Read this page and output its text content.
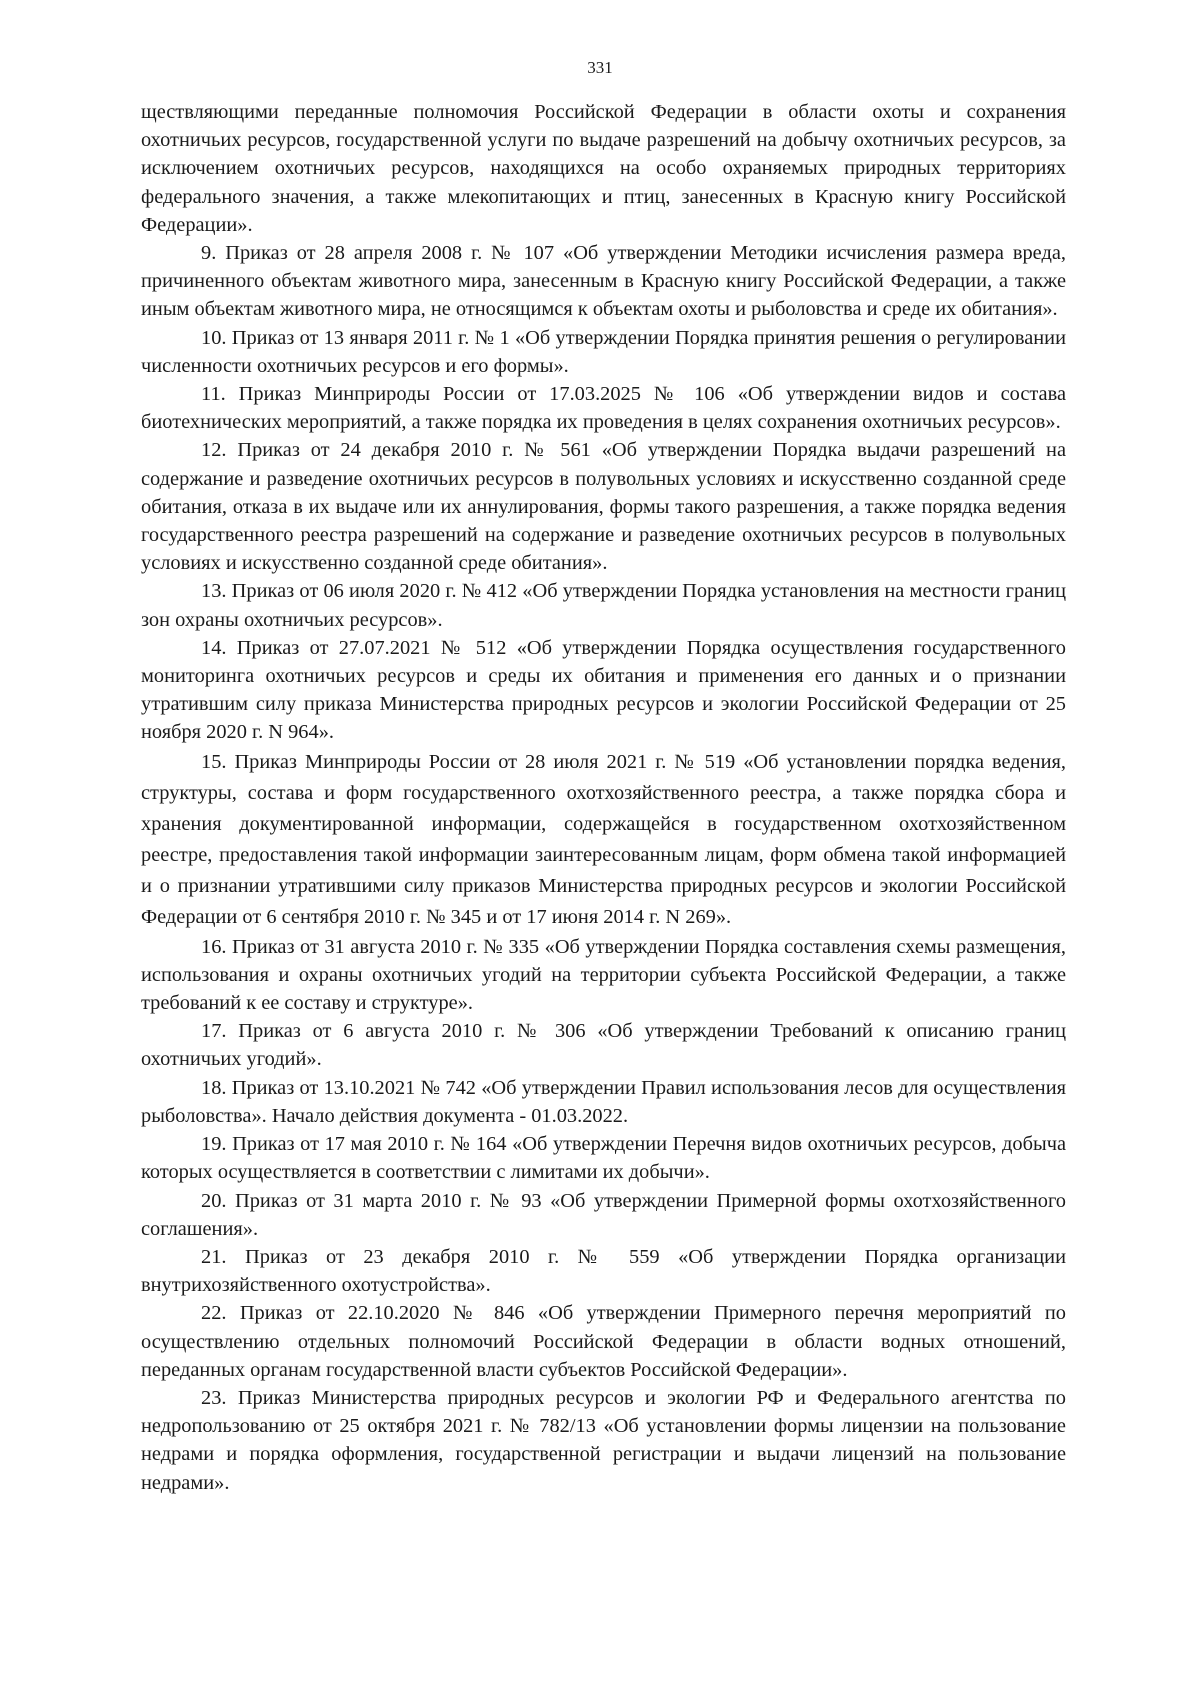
331

ществляющими переданные полномочия Российской Федерации в области охоты и сохранения охотничьих ресурсов, государственной услуги по выдаче разрешений на добычу охотничьих ресурсов, за исключением охотничьих ресурсов, находящихся на особо охраняемых природных территориях федерального значения, а также млекопитающих и птиц, занесенных в Красную книгу Российской Федерации».

9. Приказ от 28 апреля 2008 г. № 107 «Об утверждении Методики исчисления размера вреда, причиненного объектам животного мира, занесенным в Красную книгу Российской Федерации, а также иным объектам животного мира, не относящимся к объектам охоты и рыболовства и среде их обитания».

10. Приказ от 13 января 2011 г. № 1 «Об утверждении Порядка принятия решения о регулировании численности охотничьих ресурсов и его формы».

11. Приказ Минприроды России от 17.03.2025 № 106 «Об утверждении видов и состава биотехнических мероприятий, а также порядка их проведения в целях сохранения охотничьих ресурсов».

12. Приказ от 24 декабря 2010 г. № 561 «Об утверждении Порядка выдачи разрешений на содержание и разведение охотничьих ресурсов в полувольных условиях и искусственно созданной среде обитания, отказа в их выдаче или их аннулирования, формы такого разрешения, а также порядка ведения государственного реестра разрешений на содержание и разведение охотничьих ресурсов в полувольных условиях и искусственно созданной среде обитания».

13. Приказ от 06 июля 2020 г. № 412 «Об утверждении Порядка установления на местности границ зон охраны охотничьих ресурсов».

14. Приказ от 27.07.2021 № 512 «Об утверждении Порядка осуществления государственного мониторинга охотничьих ресурсов и среды их обитания и применения его данных и о признании утратившим силу приказа Министерства природных ресурсов и экологии Российской Федерации от 25 ноября 2020 г. N 964».

15. Приказ Минприроды России от 28 июля 2021 г. № 519 «Об установлении порядка ведения, структуры, состава и форм государственного охотхозяйственного реестра, а также порядка сбора и хранения документированной информации, содержащейся в государственном охотхозяйственном реестре, предоставления такой информации заинтересованным лицам, форм обмена такой информацией и о признании утратившими силу приказов Министерства природных ресурсов и экологии Российской Федерации от 6 сентября 2010 г. № 345 и от 17 июня 2014 г. N 269».

16. Приказ от 31 августа 2010 г. № 335 «Об утверждении Порядка составления схемы размещения, использования и охраны охотничьих угодий на территории субъекта Российской Федерации, а также требований к ее составу и структуре».

17. Приказ от 6 августа 2010 г. № 306 «Об утверждении Требований к описанию границ охотничьих угодий».

18. Приказ от 13.10.2021 № 742 «Об утверждении Правил использования лесов для осуществления рыболовства». Начало действия документа - 01.03.2022.

19. Приказ от 17 мая 2010 г. № 164 «Об утверждении Перечня видов охотничьих ресурсов, добыча которых осуществляется в соответствии с лимитами их добычи».

20. Приказ от 31 марта 2010 г. № 93 «Об утверждении Примерной формы охотхозяйственного соглашения».

21. Приказ от 23 декабря 2010 г. № 559 «Об утверждении Порядка организации внутрихозяйственного охотустройства».

22. Приказ от 22.10.2020 № 846 «Об утверждении Примерного перечня мероприятий по осуществлению отдельных полномочий Российской Федерации в области водных отношений, переданных органам государственной власти субъектов Российской Федерации».

23. Приказ Министерства природных ресурсов и экологии РФ и Федерального агентства по недропользованию от 25 октября 2021 г. № 782/13 «Об установлении формы лицензии на пользование недрами и порядка оформления, государственной регистрации и выдачи лицензий на пользование недрами».
